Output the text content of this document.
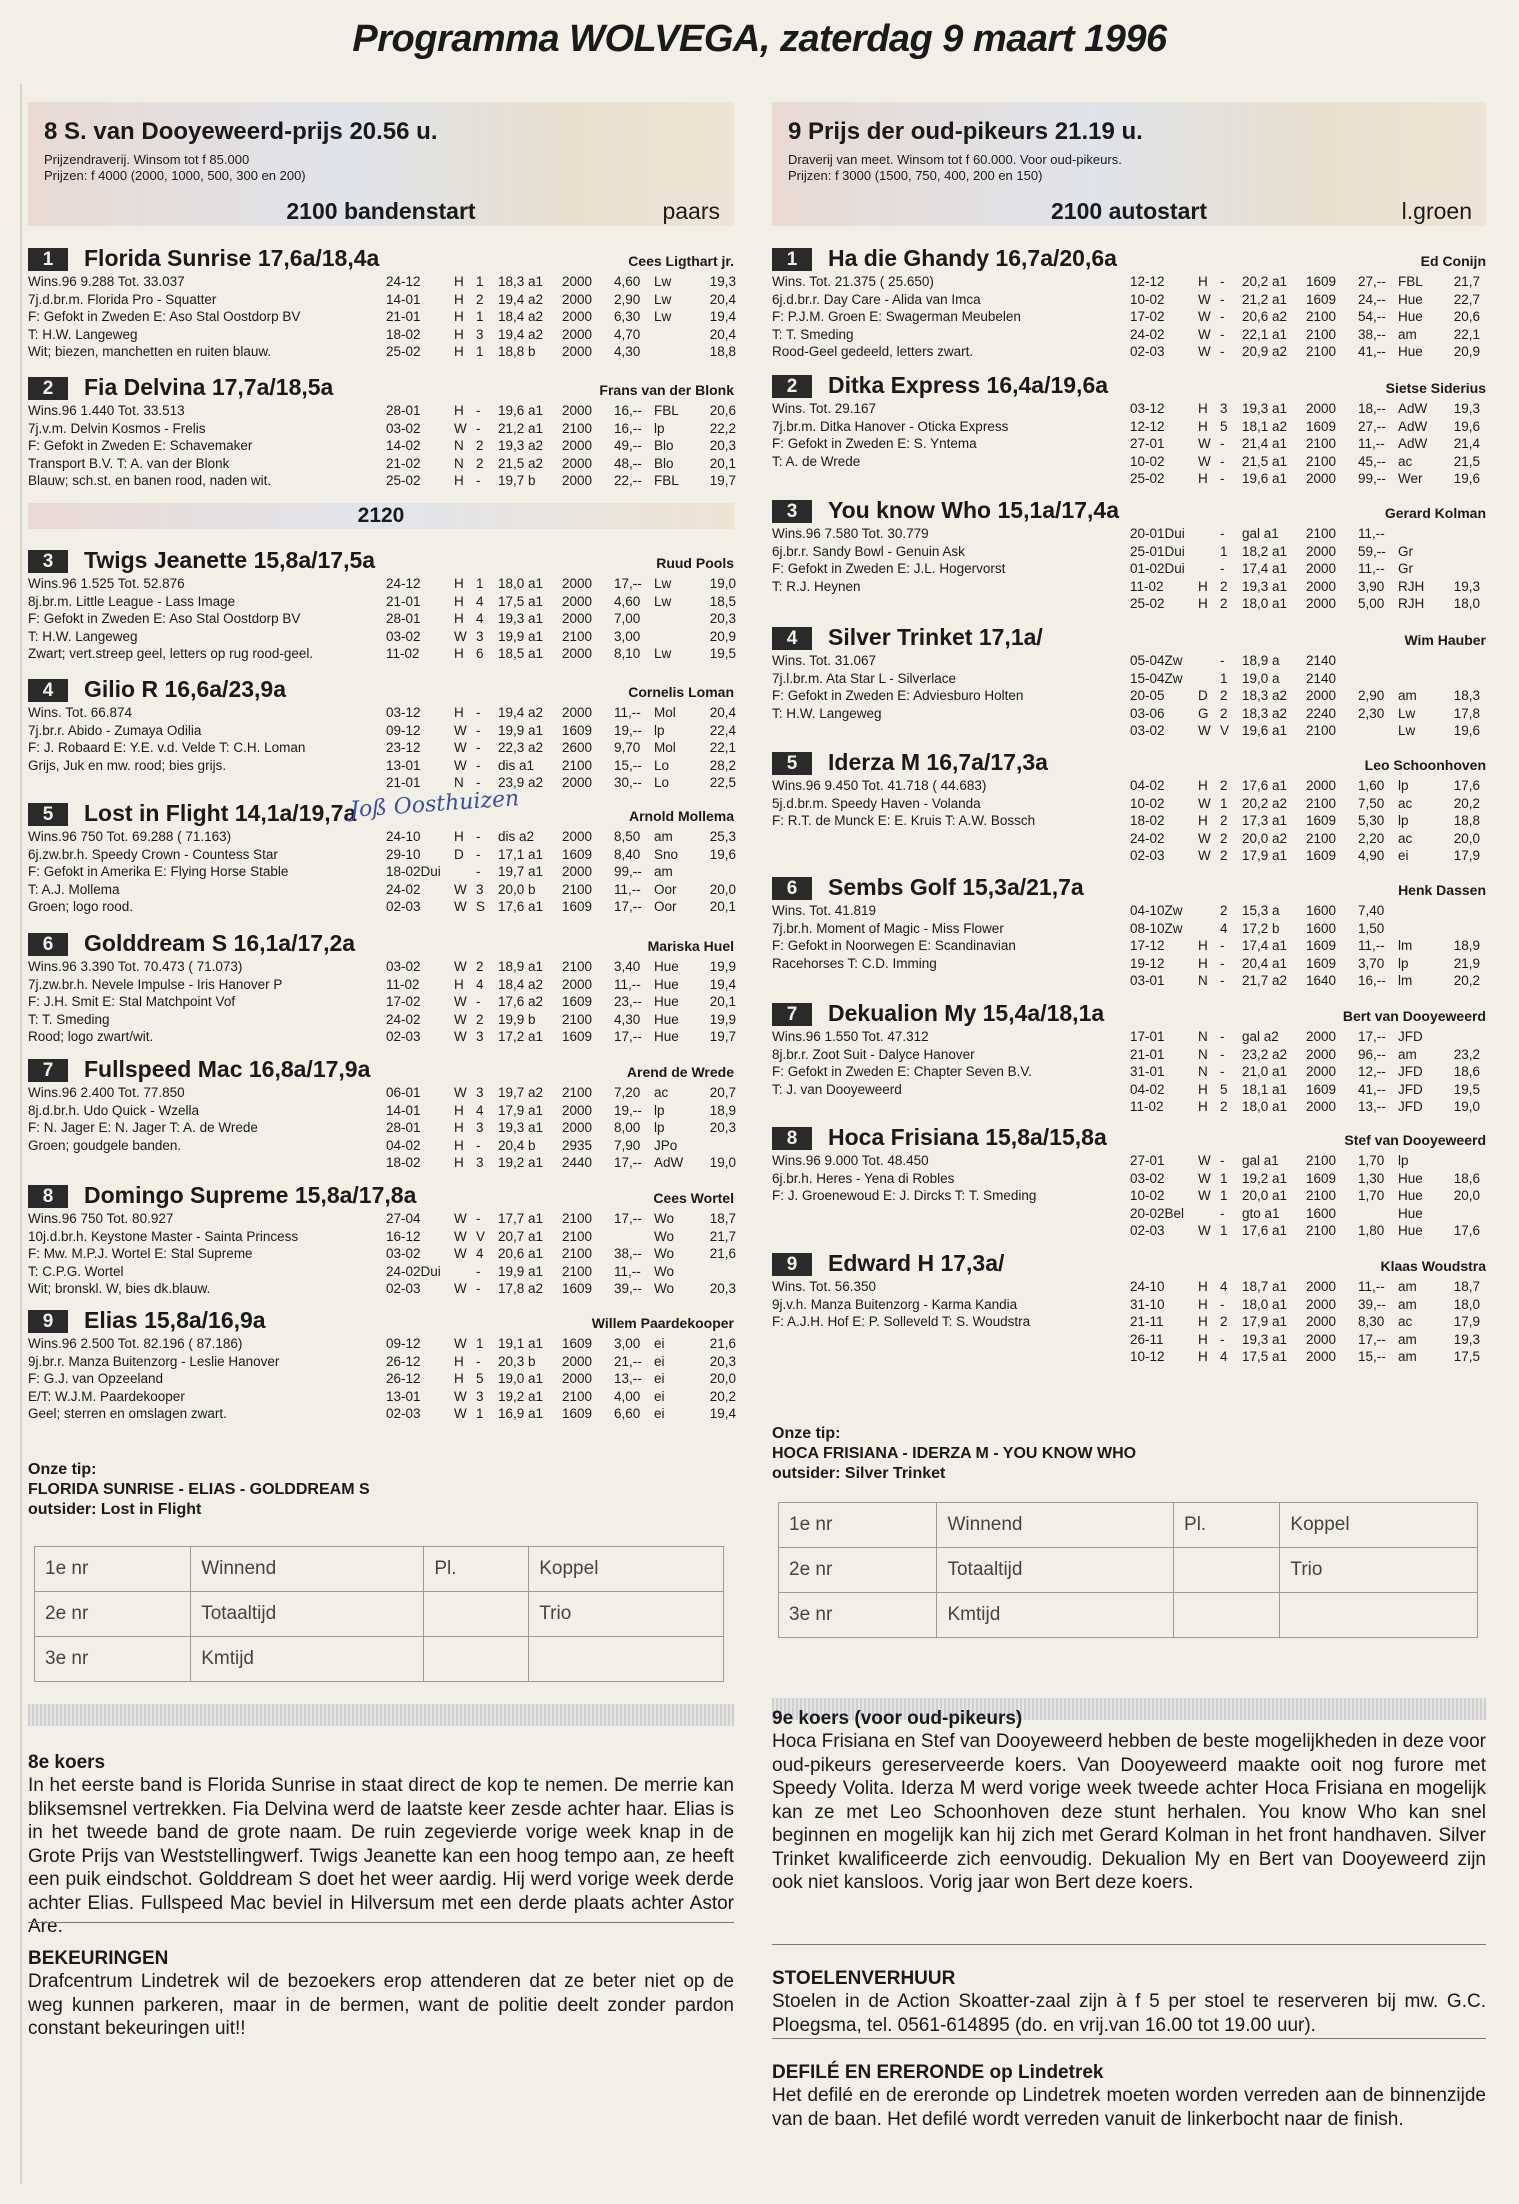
Programma WOLVEGA, zaterdag 9 maart 1996
8 S. van Dooyeweerd-prijs 20.56 u.
Prijzendraverij. Winsom tot f 85.000
Prijzen: f 4000 (2000, 1000, 500, 300 en 200)
2100 bandenstart	paars
1	Florida Sunrise 17,6a/18,4a	Cees Ligthart jr.
Wins.96 9.288 Tot. 33.037
7j.d.br.m. Florida Pro - Squatter
F: Gefokt in Zweden E: Aso Stal Oostdorp BV
T: H.W. Langeweg
Wit; biezen, manchetten en ruiten blauw.
24-12 H 1 18,3 a1 2000 4,60 Lw	19,3
14-01 H 2 19,4 a2 2000 2,90 Lw	20,4
21-01 H 1 18,4 a2 2000 6,30 Lw	19,4
18-02 H 3 19,4 a2 2000 4,70	20,4
25-02 H 1 18,8 b 2000 4,30	18,8
2	Fia Delvina 17,7a/18,5a	Frans van der Blonk
Wins.96 1.440 Tot. 33.513
7j.v.m. Delvin Kosmos - Frelis
F: Gefokt in Zweden E: Schavemaker
Transport B.V. T: A. van der Blonk
Blauw; sch.st. en banen rood, naden wit.
28-01 H - 19,6 a1 2000 16,-- FBL 20,6
03-02 W - 21,2 a1 2100 16,-- lp	22,2
14-02 N 2 19,3 a2 2000 49,-- Blo	20,3
21-02 N 2 21,5 a2 2000 48,-- Blo	20,1
25-02 H - 19,7 b 2000 22,-- FBL 19,7
3	Twigs Jeanette 15,8a/17,5a	Ruud Pools
Wins.96 1.525 Tot. 52.876
8j.br.m. Little League - Lass Image
F: Gefokt in Zweden E: Aso Stal Oostdorp BV
T: H.W. Langeweg
Zwart; vert.streep geel, letters op rug rood-geel.
24-12 H 1 18,0 a1 2000 17,-- Lw	19,0
21-01 H 4 17,5 a1 2000 4,60 Lw	18,5
28-01 H 4 19,3 a1 2000 7,00	20,3
03-02 W 3 19,9 a1 2100 3,00	20,9
11-02	H 6 18,5 a1 2000 8,10 Lw	19,5
4	Gilio R 16,6a/23,9a	Cornelis Loman
Wins. Tot. 66.874
7j.br.r. Abido - Zumaya Odilia
F: J. Robaard E: Y.E. v.d. Velde T: C.H. Loman
Grijs, Juk en mw. rood; bies grijs.
03-12 H - 19,4 a2 2000 11,-- Mol	20,4
09-12 W - 19,9 a1 1609 19,-- lp	22,4
23-12 W - 22,3 a2 2600 9,70 Mol	22,1
13-01 W - dis a1 2100 15,-- Lo	28,2
21-01 N - 23,9 a2 2000 30,-- Lo	22,5
5	Lost in Flight 14,1a/19,7a	Arnold Mollema
Wins.96 750 Tot. 69.288 ( 71.163)
6j.zw.br.h. Speedy Crown - Countess Star
F: Gefokt in Amerika E: Flying Horse Stable
T: A.J. Mollema
Groen; logo rood.
24-10 H - dis a2 2000 8,50 am	25,3
29-10 D - 17,1 a1 1609 8,40 Sno 19,6
18-02Dui	- 19,7 a1 2000 99,-- am
24-02 W 3 20,0 b 2100 11,-- Oor 20,0
02-03 W S 17,6 a1 1609 17,-- Oor 20,1
6	Golddream S 16,1a/17,2a	Mariska Huel
Wins.96 3.390 Tot. 70.473 ( 71.073)
7j.zw.br.h. Nevele Impulse - Iris Hanover P
F: J.H. Smit E: Stal Matchpoint Vof
T: T. Smeding
Rood; logo zwart/wit.
03-02 W 2 18,9 a1 2100 3,40 Hue 19,9
11-02	H 4 18,4 a2 2000 11,-- Hue 19,4
17-02 W - 17,6 a2 1609 23,-- Hue 20,1
24-02 W 2 19,9 b 2100 4,30 Hue 19,9
02-03 W 3 17,2 a1 1609 17,-- Hue 19,7
7	Fullspeed Mac 16,8a/17,9a	Arend de Wrede
Wins.96 2.400 Tot. 77.850
8j.d.br.h. Udo Quick - Wzella
F: N. Jager E: N. Jager T: A. de Wrede
Groen; goudgele banden.
06-01 W 3 19,7 a2 2100 7,20 ac	20,7
14-01 H 4 17,9 a1 2000 19,-- lp	18,9
28-01 H 3 19,3 a1 2000 8,00 lp	20,3
04-02 H - 20,4 b 2935 7,90 JPo
18-02 H 3 19,2 a1 2440 17,-- AdW 19,0
8	Domingo Supreme 15,8a/17,8a	Cees Wortel
Wins.96 750 Tot. 80.927
10j.d.br.h. Keystone Master - Sainta Princess
F: Mw. M.P.J. Wortel E: Stal Supreme
T: C.P.G. Wortel
Wit; bronskl. W, bies dk.blauw.
27-04 W - 17,7 a1 2100 17,-- Wo	18,7
16-12 W V 20,7 a1 2100	Wo	21,7
03-02 W 4 20,6 a1 2100 38,-- Wo	21,6
24-02Dui	- 19,9 a1 2100 11,-- Wo
02-03 W - 17,8 a2 1609 39,-- Wo	20,3
9	Elias 15,8a/16,9a	Willem Paardekooper
Wins.96 2.500 Tot. 82.196 ( 87.186)
9j.br.r. Manza Buitenzorg - Leslie Hanover
F: G.J. van Opzeeland
E/T: W.J.M. Paardekooper
Geel; sterren en omslagen zwart.
09-12 W 1 19,1 a1 1609 3,00 ei	21,6
26-12 H - 20,3 b 2000 21,-- ei	20,3
26-12 H 5 19,0 a1 2000 13,-- ei	20,0
13-01 W 3 19,2 a1 2100 4,00 ei	20,2
02-03 W 1 16,9 a1 1609 6,60 ei	19,4
2120
Onze tip:
FLORIDA SUNRISE - ELIAS - GOLDDREAM S
outsider: Lost in Flight
1e nr	Winnend	Pl.	Koppel
2e nr	Totaaltijd		Trio
3e nr	Kmtijd		
8e koers
In het eerste band is Florida Sunrise in staat direct de kop te nemen. De merrie kan bliksemsnel vertrekken. Fia Delvina werd de laatste keer zesde achter haar. Elias is in het tweede band de grote naam. De ruin zegevierde vorige week knap in de Grote Prijs van Weststellingwerf. Twigs Jeanette kan een hoog tempo aan, ze heeft een puik eindschot. Golddream S doet het weer aardig. Hij werd vorige week derde achter Elias. Fullspeed Mac beviel in Hilversum met een derde plaats achter Astor Are.
BEKEURINGEN
Drafcentrum Lindetrek wil de bezoekers erop attenderen dat ze beter niet op de weg kunnen parkeren, maar in de bermen, want de politie deelt zonder pardon constant bekeuringen uit!!
9 Prijs der oud-pikeurs 21.19 u.
Draverij van meet. Winsom tot f 60.000. Voor oud-pikeurs.
Prijzen: f 3000 (1500, 750, 400, 200 en 150)
2100 autostart	l.groen
1	Ha die Ghandy 16,7a/20,6a	Ed Conijn
Wins. Tot. 21.375 ( 25.650)
6j.d.br.r. Day Care - Alida van Imca
F: P.J.M. Groen E: Swagerman Meubelen
T: T. Smeding
Rood-Geel gedeeld, letters zwart.
12-12 H - 20,2 a1 1609 27,-- FBL 21,7
10-02 W - 21,2 a1 1609 24,-- Hue 22,7
17-02 W - 20,6 a2 2100 54,-- Hue 20,6
24-02 W - 22,1 a1 2100 38,-- am	22,1
02-03 W - 20,9 a2 2100 41,-- Hue 20,9
2	Ditka Express 16,4a/19,6a	Sietse Siderius
Wins. Tot. 29.167
7j.br.m. Ditka Hanover - Oticka Express
F: Gefokt in Zweden E: S. Yntema
T: A. de Wrede
03-12 H 3 19,3 a1 2000 18,-- AdW 19,3
12-12 H 5 18,1 a2 1609 27,-- AdW 19,6
27-01 W - 21,4 a1 2100 11,-- AdW 21,4
10-02 W - 21,5 a1 2100 45,-- ac	21,5
25-02 H - 19,6 a1 2000 99,-- Wer 19,6
3	You know Who 15,1a/17,4a	Gerard Kolman
Wins.96 7.580 Tot. 30.779
6j.br.r. Sandy Bowl - Genuin Ask
F: Gefokt in Zweden E: J.L. Hogervorst
T: R.J. Heynen
20-01Dui	- gal a1 2100 11,--
25-01Dui	1 18,2 a1 2000 59,-- Gr
01-02Dui	- 17,4 a1 2000 11,-- Gr
11-02	H 2 19,3 a1 2000 3,90 RJH 19,3
25-02 H 2 18,0 a1 2000 5,00 RJH 18,0
4	Silver Trinket 17,1a/	Wim Hauber
Wins. Tot. 31.067
7j.l.br.m. Ata Star L - Silverlace
F: Gefokt in Zweden E: Adviesburo Holten
T: H.W. Langeweg
05-04Zw	- 18,9 a 2140
15-04Zw	1 19,0 a 2140
20-05 D 2 18,3 a2 2000 2,90 am	18,3
03-06 G 2 18,3 a2 2240 2,30 Lw	17,8
03-02 W V 19,6 a1 2100	Lw	19,6
5	Iderza M 16,7a/17,3a	Leo Schoonhoven
Wins.96 9.450 Tot. 41.718 ( 44.683)
5j.d.br.m. Speedy Haven - Volanda
F: R.T. de Munck E: E. Kruis T: A.W. Bossch
04-02 H 2 17,6 a1 2000 1,60 lp	17,6
10-02 W 1 20,2 a2 2100 7,50 ac	20,2
18-02 H 2 17,3 a1 1609 5,30 lp	18,8
24-02 W 2 20,0 a2 2100 2,20 ac	20,0
02-03 W 2 17,9 a1 1609 4,90 ei	17,9
6	Sembs Golf 15,3a/21,7a	Henk Dassen
Wins. Tot. 41.819
7j.br.h. Moment of Magic - Miss Flower
F: Gefokt in Noorwegen E: Scandinavian
Racehorses T: C.D. Imming
04-10Zw	2 15,3 a 1600 7,40
08-10Zw	4 17,2 b 1600 1,50
17-12 H - 17,4 a1 1609 11,-- lm	18,9
19-12 H - 20,4 a1 1609 3,70 lp	21,9
03-01 N - 21,7 a2 1640 16,-- lm	20,2
7	Dekualion My 15,4a/18,1a	Bert van Dooyeweerd
Wins.96 1.550 Tot. 47.312
8j.br.r. Zoot Suit - Dalyce Hanover
F: Gefokt in Zweden E: Chapter Seven B.V.
T: J. van Dooyeweerd
17-01 N - gal a2 2000 17,-- JFD
21-01 N - 23,2 a2 2000 96,-- am	23,2
31-01 N - 21,0 a1 2000 12,-- JFD 18,6
04-02 H 5 18,1 a1 1609 41,-- JFD 19,5
11-02	H 2 18,0 a1 2000 13,-- JFD 19,0
8	Hoca Frisiana 15,8a/15,8a	Stef van Dooyeweerd
Wins.96 9.000 Tot. 48.450
6j.br.h. Heres - Yena di Robles
F: J. Groenewoud E: J. Dircks T: T. Smeding
27-01 W - gal a1 2100 1,70 lp
03-02 W 1 19,2 a1 1609 1,30 Hue 18,6
10-02 W 1 20,0 a1 2100 1,70 Hue 20,0
20-02Bel	- gto a1 1600	Hue
02-03 W 1 17,6 a1 2100 1,80 Hue 17,6
9	Edward H 17,3a/	Klaas Woudstra
Wins. Tot. 56.350
9j.v.h. Manza Buitenzorg - Karma Kandia
F: A.J.H. Hof E: P. Solleveld T: S. Woudstra
24-10 H 4 18,7 a1 2000 11,-- am	18,7
31-10 H - 18,0 a1 2000 39,-- am	18,0
21-11	H 2 17,9 a1 2000 8,30 ac	17,9
26-11	H - 19,3 a1 2000 17,-- am	19,3
10-12 H 4 17,5 a1 2000 15,-- am	17,5
Onze tip:
HOCA FRISIANA - IDERZA M - YOU KNOW WHO
outsider: Silver Trinket
1e nr	Winnend	Pl.	Koppel
2e nr	Totaaltijd		Trio
3e nr	Kmtijd		
9e koers (voor oud-pikeurs)
Hoca Frisiana en Stef van Dooyeweerd hebben de beste mogelijkheden in deze voor oud-pikeurs gereserveerde koers. Van Dooyeweerd maakte ooit nog furore met Speedy Volita. Iderza M werd vorige week tweede achter Hoca Frisiana en mogelijk kan ze met Leo Schoonhoven deze stunt herhalen. You know Who kan snel beginnen en mogelijk kan hij zich met Gerard Kolman in het front handhaven. Silver Trinket kwalificeerde zich eenvoudig. Dekualion My en Bert van Dooyeweerd zijn ook niet kansloos. Vorig jaar won Bert deze koers.
STOELENVERHUUR
Stoelen in de Action Skoatter-zaal zijn à f 5 per stoel te reserveren bij mw. G.C. Ploegsma, tel. 0561-614895 (do. en vrij.van 16.00 tot 19.00 uur).
DEFILÉ EN ERERONDE op Lindetrek
Het defilé en de ereronde op Lindetrek moeten worden verreden aan de binnenzijde van de baan. Het defilé wordt verreden vanuit de linkerbocht naar de finish.
Joß Oosthuizen
